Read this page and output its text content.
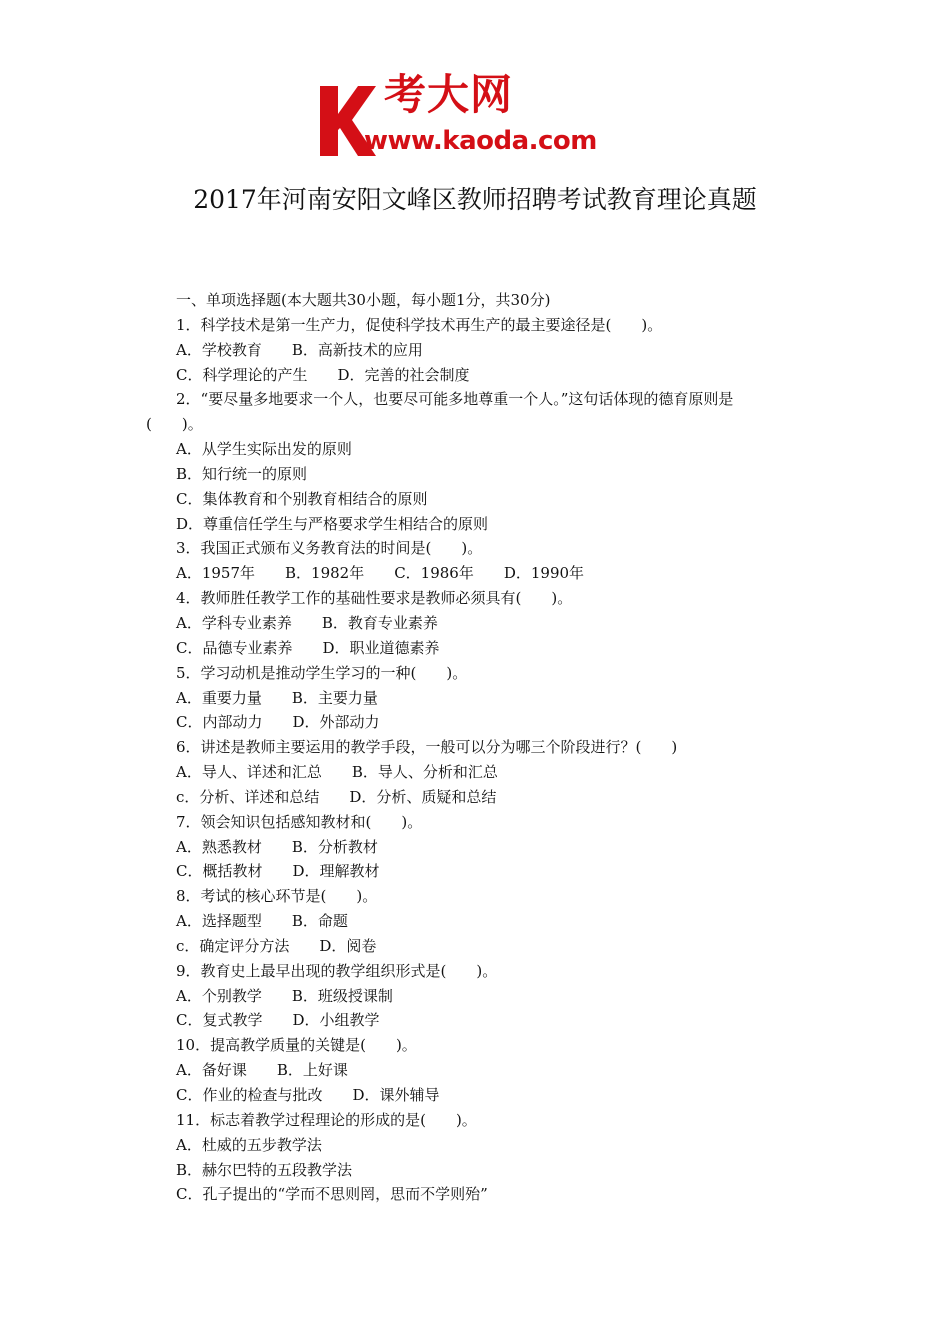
考大网
www.kaoda.com
2017年河南安阳文峰区教师招聘考试教育理论真题
一、单项选择题(本大题共30小题，每小题1分，共30分)
1．科学技术是第一生产力，促使科学技术再生产的最主要途径是(　　)。
A．学校教育　　B．高新技术的应用
C．科学理论的产生　　D．完善的社会制度
2．“要尽量多地要求一个人，也要尽可能多地尊重一个人。”这句话体现的德育原则是
(　　)。
A．从学生实际出发的原则
B．知行统一的原则
C．集体教育和个别教育相结合的原则
D．尊重信任学生与严格要求学生相结合的原则
3．我国正式颁布义务教育法的时间是(　　)。
A．1957年　　B．1982年　　C．1986年　　D．1990年
4．教师胜任教学工作的基础性要求是教师必须具有(　　)。
A．学科专业素养　　B．教育专业素养
C．品德专业素养　　D．职业道德素养
5．学习动机是推动学生学习的一种(　　)。
A．重要力量　　B．主要力量
C．内部动力　　D．外部动力
6．讲述是教师主要运用的教学手段，一般可以分为哪三个阶段进行？(　　)
A．导人、详述和汇总　　B．导人、分析和汇总
c．分析、详述和总结　　D．分析、质疑和总结
7．领会知识包括感知教材和(　　)。
A．熟悉教材　　B．分析教材
C．概括教材　　D．理解教材
8．考试的核心环节是(　　)。
A．选择题型　　B．命题
c．确定评分方法　　D．阅卷
9．教育史上最早出现的教学组织形式是(　　)。
A．个别教学　　B．班级授课制
C．复式教学　　D．小组教学
10．提高教学质量的关键是(　　)。
A．备好课　　B．上好课
C．作业的检查与批改　　D．课外辅导
11．标志着教学过程理论的形成的是(　　)。
A．杜威的五步教学法
B．赫尔巴特的五段教学法
C．孔子提出的“学而不思则罔，思而不学则殆”
